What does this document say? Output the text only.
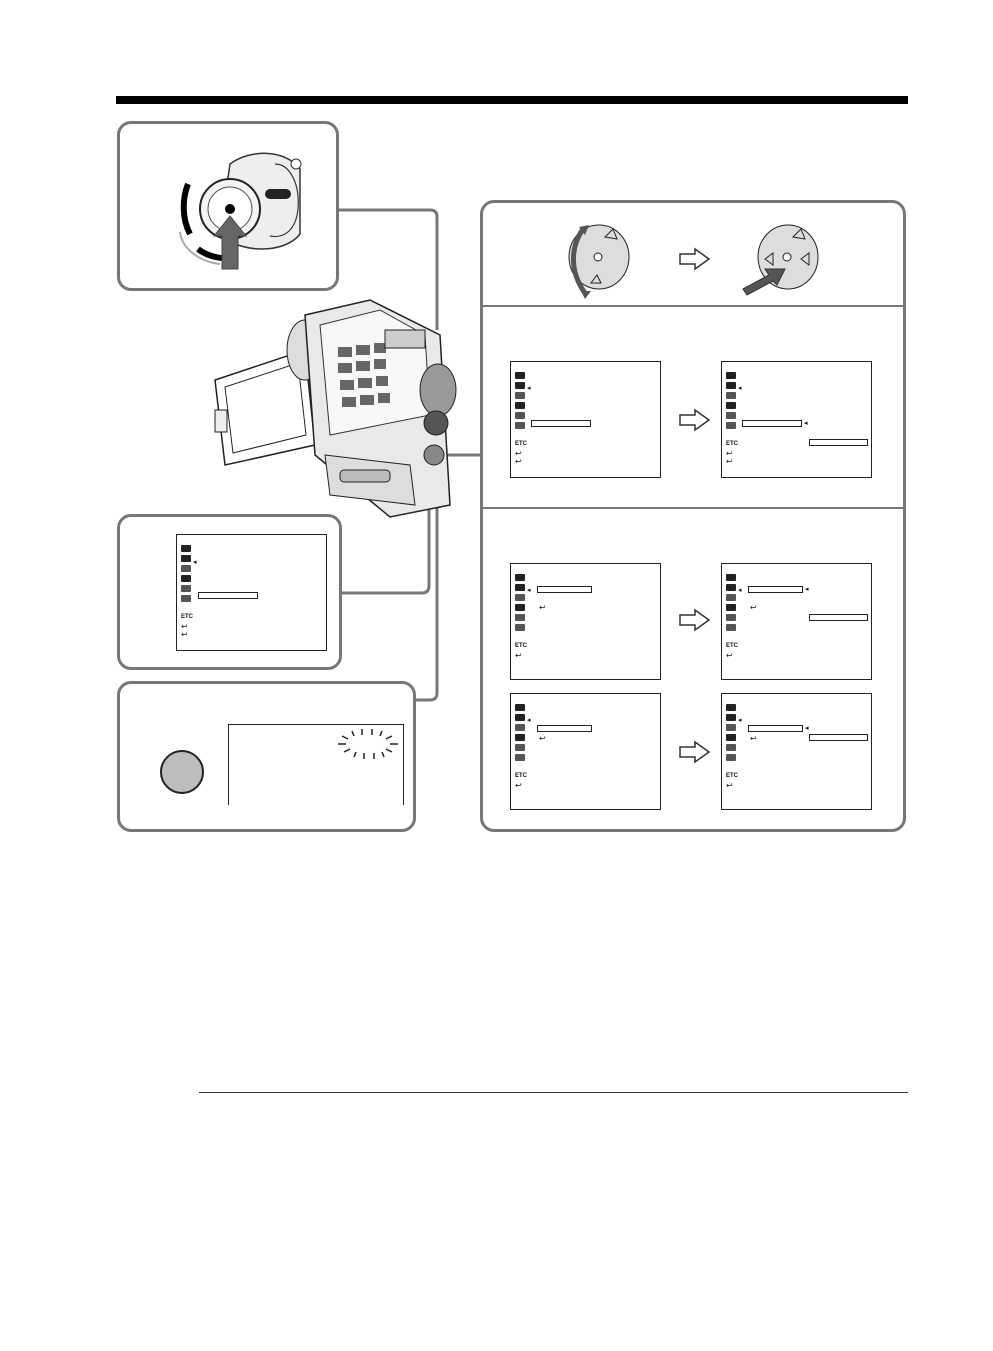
ETC
↩ ↩
◂
ETC
↩ ↩
◂
ETC
↩ ↩
◂
◂
ETC
↩
◂
↩
ETC
↩
◂	◂
↩
ETC
↩
◂
↩
ETC
↩
◂
◂
↩
